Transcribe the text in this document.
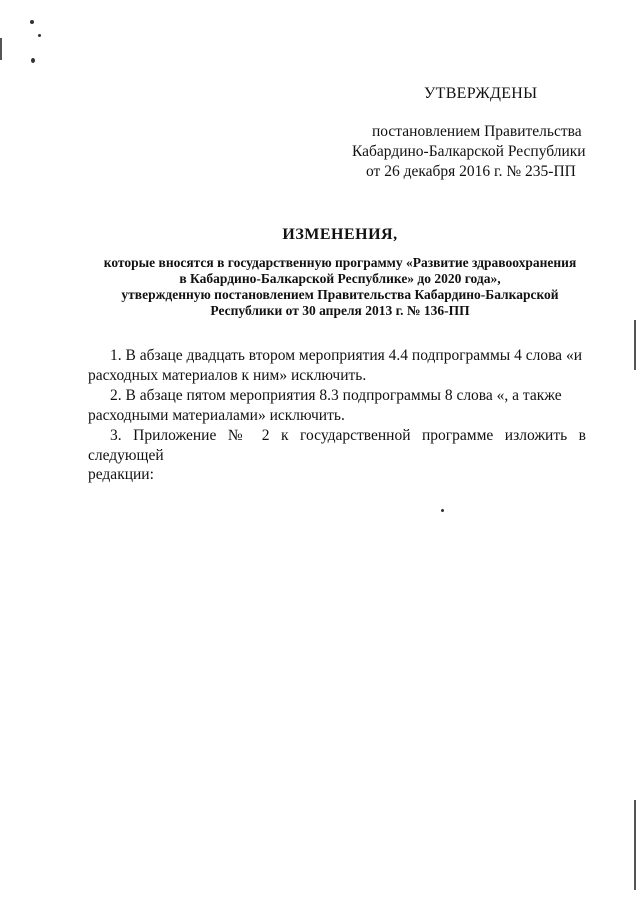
УТВЕРЖДЕНЫ
постановлением Правительства
Кабардино-Балкарской Республики
от 26 декабря 2016 г. № 235-ПП
ИЗМЕНЕНИЯ,
которые вносятся в государственную программу «Развитие здравоохранения
в Кабардино-Балкарской Республике» до 2020 года»,
утвержденную постановлением Правительства Кабардино-Балкарской
Республики от 30 апреля 2013 г. № 136-ПП

1. В абзаце двадцать втором мероприятия 4.4 подпрограммы 4 слова «и
расходных материалов к ним» исключить.

2. В абзаце пятом мероприятия 8.3 подпрограммы 8 слова «, а также
расходными материалами» исключить.

3. Приложение № 2 к государственной программе изложить в следующей
редакции:
